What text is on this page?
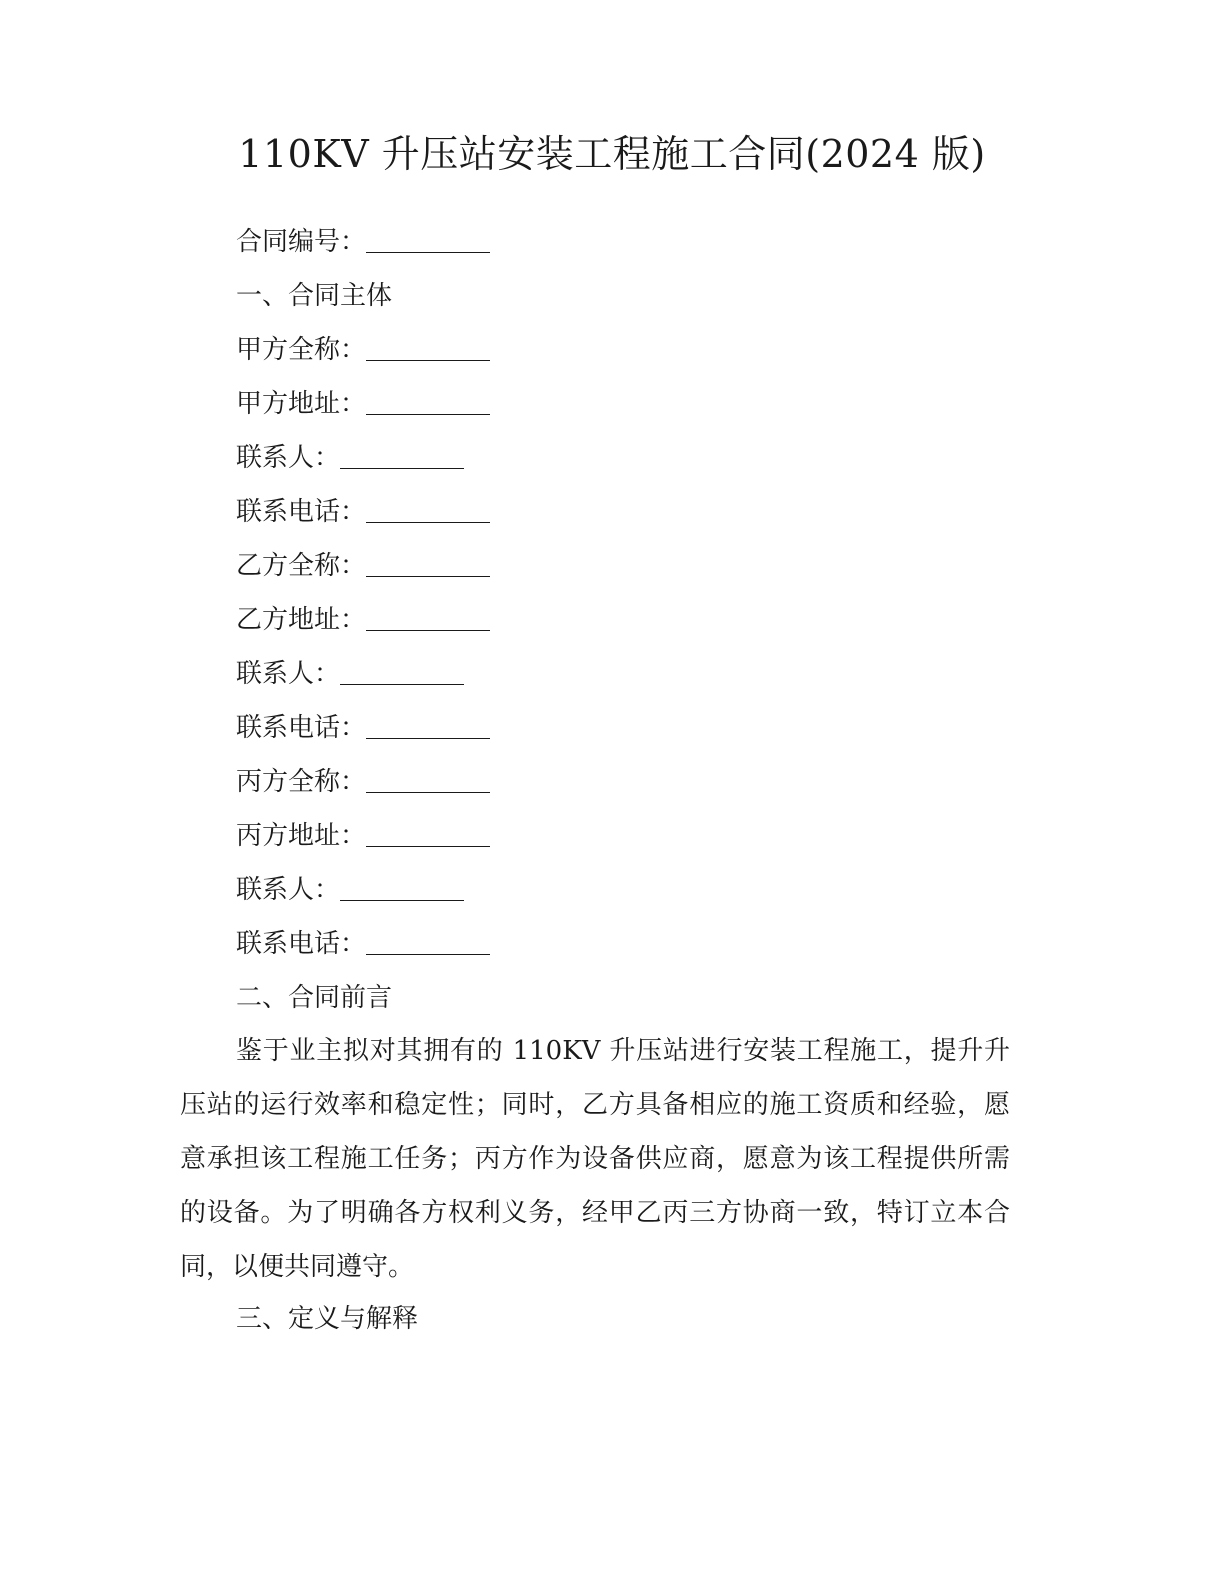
110KV 升压站安装工程施工合同(2024 版)
合同编号：
一、合同主体
甲方全称：
甲方地址：
联系人：
联系电话：
乙方全称：
乙方地址：
联系人：
联系电话：
丙方全称：
丙方地址：
联系人：
联系电话：
二、合同前言
鉴于业主拟对其拥有的 110KV 升压站进行安装工程施工，提升升压站的运行效率和稳定性；同时，乙方具备相应的施工资质和经验，愿意承担该工程施工任务；丙方作为设备供应商，愿意为该工程提供所需的设备。为了明确各方权利义务，经甲乙丙三方协商一致，特订立本合同，以便共同遵守。
三、定义与解释
